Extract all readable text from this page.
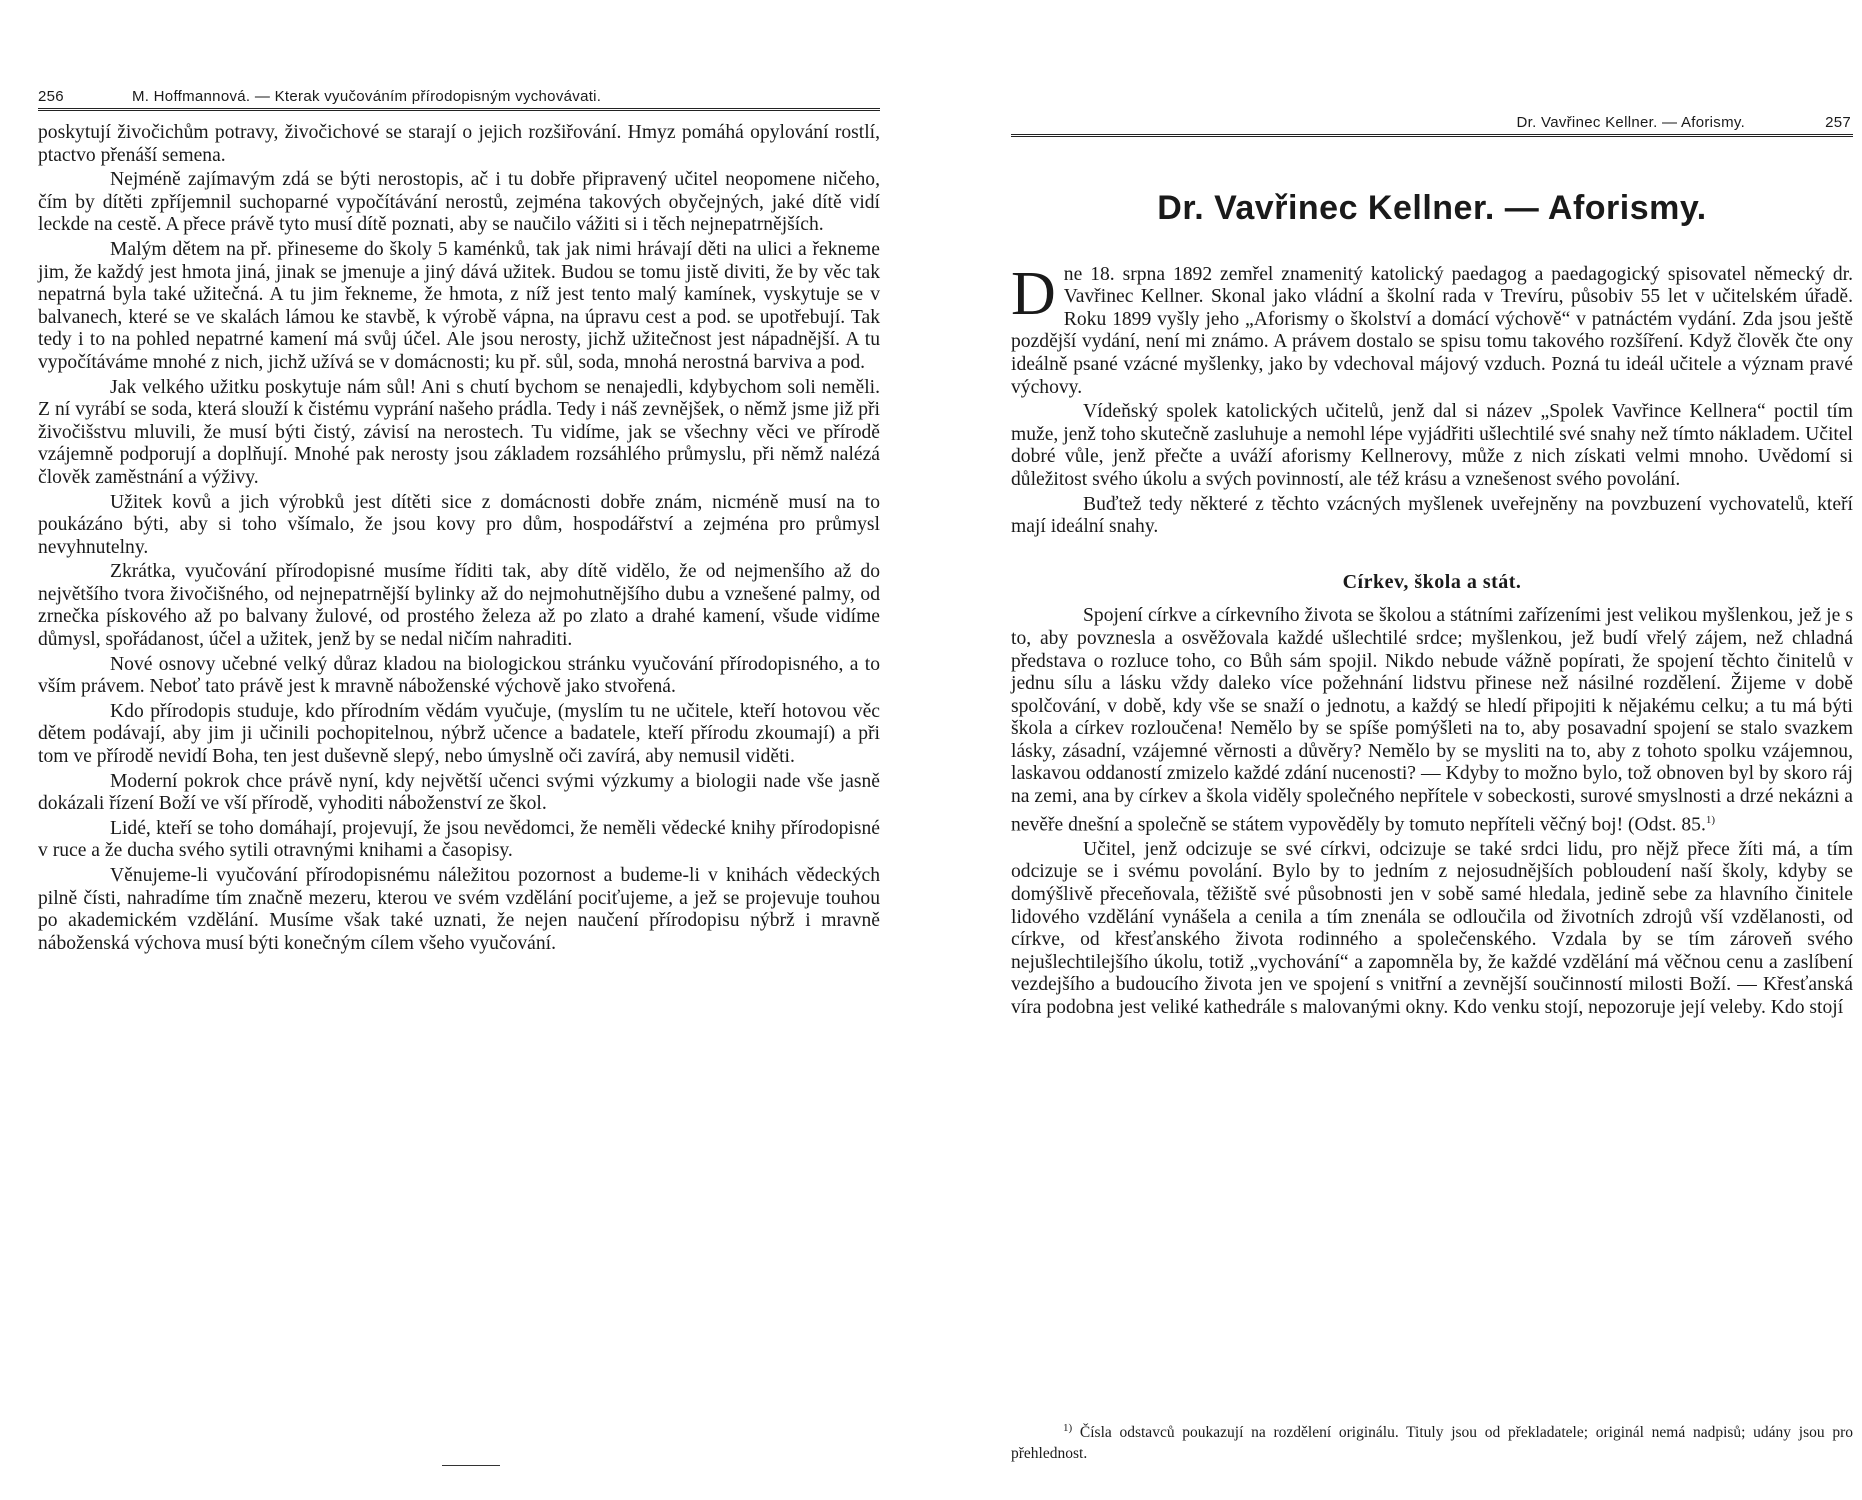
256	M. Hoffmannová. — Kterak vyučováním přírodopisným vychovávati.

poskytují živočichům potravy, živočichové se starají o jejich rozšiřování. Hmyz pomáhá opylování rostlí, ptactvo přenáší semena.

Nejméně zajímavým zdá se býti nerostopis, ač i tu dobře připravený učitel neopomene ničeho, čím by dítěti zpříjemnil suchoparné vypočítávání nerostů, zejména takových obyčejných, jaké dítě vidí leckde na cestě. A přece právě tyto musí dítě poznati, aby se naučilo vážiti si i těch nejnepatrnějších.

Malým dětem na př. přineseme do školy 5 kaménků, tak jak nimi hrávají děti na ulici a řekneme jim, že každý jest hmota jiná, jinak se jmenuje a jiný dává užitek. Budou se tomu jistě diviti, že by věc tak nepatrná byla také užitečná. A tu jim řekneme, že hmota, z níž jest tento malý kamínek, vyskytuje se v balvanech, které se ve skalách lámou ke stavbě, k výrobě vápna, na úpravu cest a pod. se upotřebují. Tak tedy i to na pohled nepatrné kamení má svůj účel. Ale jsou nerosty, jichž užitečnost jest nápadnější. A tu vypočítáváme mnohé z nich, jichž užívá se v domácnosti; ku př. sůl, soda, mnohá nerostná barviva a pod.

Jak velkého užitku poskytuje nám sůl! Ani s chutí bychom se nenajedli, kdybychom soli neměli. Z ní vyrábí se soda, která slouží k čistému vyprání našeho prádla. Tedy i náš zevnějšek, o němž jsme již při živočišstvu mluvili, že musí býti čistý, závisí na nerostech. Tu vidíme, jak se všechny věci ve přírodě vzájemně podporují a doplňují. Mnohé pak nerosty jsou základem rozsáhlého průmyslu, při němž nalézá člověk zaměstnání a výživy.

Užitek kovů a jich výrobků jest dítěti sice z domácnosti dobře znám, nicméně musí na to poukázáno býti, aby si toho všímalo, že jsou kovy pro dům, hospodářství a zejména pro průmysl nevyhnutelny.

Zkrátka, vyučování přírodopisné musíme říditi tak, aby dítě vidělo, že od nejmenšího až do největšího tvora živočišného, od nejnepatrnější bylinky až do nejmohutnějšího dubu a vznešené palmy, od zrnečka pískového až po balvany žulové, od prostého železa až po zlato a drahé kamení, všude vidíme důmysl, spořádanost, účel a užitek, jenž by se nedal ničím nahraditi.

Nové osnovy učebné velký důraz kladou na biologickou stránku vyučování přírodopisného, a to vším právem. Neboť tato právě jest k mravně náboženské výchově jako stvořená.

Kdo přírodopis studuje, kdo přírodním vědám vyučuje, (myslím tu ne učitele, kteří hotovou věc dětem podávají, aby jim ji učinili pochopitelnou, nýbrž učence a badatele, kteří přírodu zkoumají) a při tom ve přírodě nevidí Boha, ten jest duševně slepý, nebo úmyslně oči zavírá, aby nemusil viděti.

Moderní pokrok chce právě nyní, kdy největší učenci svými výzkumy a biologii nade vše jasně dokázali řízení Boží ve vší přírodě, vyhoditi náboženství ze škol.

Lidé, kteří se toho domáhají, projevují, že jsou nevědomci, že neměli vědecké knihy přírodopisné v ruce a že ducha svého sytili otravnými knihami a časopisy.

Věnujeme-li vyučování přírodopisnému náležitou pozornost a budeme-li v knihách vědeckých pilně čísti, nahradíme tím značně mezeru, kterou ve svém vzdělání pociťujeme, a jež se projevuje touhou po akademickém vzdělání. Musíme však také uznati, že nejen naučení přírodopisu nýbrž i mravně náboženská výchova musí býti konečným cílem všeho vyučování.

Dr. Vavřinec Kellner. — Aforismy.	257
Dr. Vavřinec Kellner. — Aforismy.

Dne 18. srpna 1892 zemřel znamenitý katolický paedagog a paedagogický spisovatel německý dr. Vavřinec Kellner. Skonal jako vládní a školní rada v Trevíru, působiv 55 let v učitelském úřadě. Roku 1899 vyšly jeho „Aforismy o školství a domácí výchově“ v patnáctém vydání. Zda jsou ještě pozdější vydání, není mi známo. A právem dostalo se spisu tomu takového rozšíření. Když člověk čte ony ideálně psané vzácné myšlenky, jako by vdechoval májový vzduch. Pozná tu ideál učitele a význam pravé výchovy.

Vídeňský spolek katolických učitelů, jenž dal si název „Spolek Vavřince Kellnera“ poctil tím muže, jenž toho skutečně zasluhuje a nemohl lépe vyjádřiti ušlechtilé své snahy než tímto nákladem. Učitel dobré vůle, jenž přečte a uváží aforismy Kellnerovy, může z nich získati velmi mnoho. Uvědomí si důležitost svého úkolu a svých povinností, ale též krásu a vznešenost svého povolání.

Buďtež tedy některé z těchto vzácných myšlenek uveřejněny na povzbuzení vychovatelů, kteří mají ideální snahy.

Církev, škola a stát.

Spojení církve a církevního života se školou a státními zařízeními jest velikou myšlenkou, jež je s to, aby povznesla a osvěžovala každé ušlechtilé srdce; myšlenkou, jež budí vřelý zájem, než chladná představa o rozluce toho, co Bůh sám spojil. Nikdo nebude vážně popírati, že spojení těchto činitelů v jednu sílu a lásku vždy daleko více požehnání lidstvu přinese než násilné rozdělení. Žijeme v době spolčování, v době, kdy vše se snaží o jednotu, a každý se hledí připojiti k nějakému celku; a tu má býti škola a církev rozloučena! Nemělo by se spíše pomýšleti na to, aby posavadní spojení se stalo svazkem lásky, zásadní, vzájemné věrnosti a důvěry? Nemělo by se mysliti na to, aby z tohoto spolku vzájemnou, laskavou oddaností zmizelo každé zdání nucenosti? — Kdyby to možno bylo, tož obnoven byl by skoro ráj na zemi, ana by církev a škola viděly společného nepřítele v sobeckosti, surové smyslnosti a drzé nekázni a nevěře dnešní a společně se státem vypověděly by tomuto nepříteli věčný boj! (Odst. 85.$^{1)}$

Učitel, jenž odcizuje se své církvi, odcizuje se také srdci lidu, pro nějž přece žíti má, a tím odcizuje se i svému povolání. Bylo by to jedním z nejosudnějších pobloudení naší školy, kdyby se domýšlivě přeceňovala, těžiště své působnosti jen v sobě samé hledala, jedině sebe za hlavního činitele lidového vzdělání vynášela a cenila a tím znenála se odloučila od životních zdrojů vší vzdělanosti, od církve, od křesťanského života rodinného a společenského. Vzdala by se tím zároveň svého nejušlechtilejšího úkolu, totiž „vychování“ a zapomněla by, že každé vzdělání má věčnou cenu a zaslíbení vezdejšího a budoucího života jen ve spojení s vnitřní a zevnější součinností milosti Boží. — Křesťanská víra podobna jest veliké kathedrále s malovanými okny. Kdo venku stojí, nepozoruje její veleby. Kdo stojí

$^{1)}$ Čísla odstavců poukazují na rozdělení originálu. Tituly jsou od překladatele; originál nemá nadpisů; udány jsou pro přehlednost.
